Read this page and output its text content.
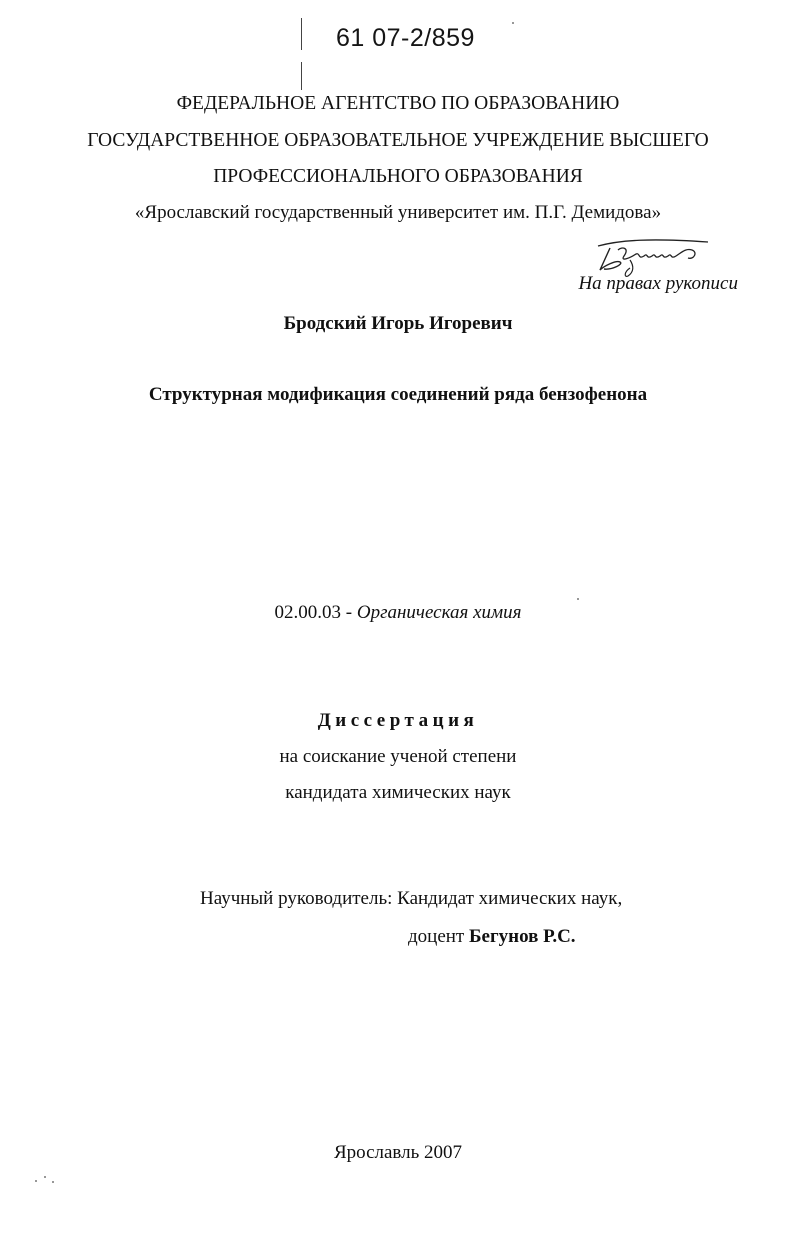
61 07-2/859
ФЕДЕРАЛЬНОЕ АГЕНТСТВО ПО ОБРАЗОВАНИЮ
ГОСУДАРСТВЕННОЕ ОБРАЗОВАТЕЛЬНОЕ УЧРЕЖДЕНИЕ ВЫСШЕГО
ПРОФЕССИОНАЛЬНОГО ОБРАЗОВАНИЯ
«Ярославский государственный университет им. П.Г. Демидова»
На правах рукописи
Бродский Игорь Игоревич
Структурная модификация соединений ряда бензофенона
02.00.03 - Органическая химия
Диссертация
на соискание ученой степени
кандидата химических наук
Научный руководитель: Кандидат химических наук,
доцент Бегунов Р.С.
Ярославль 2007
